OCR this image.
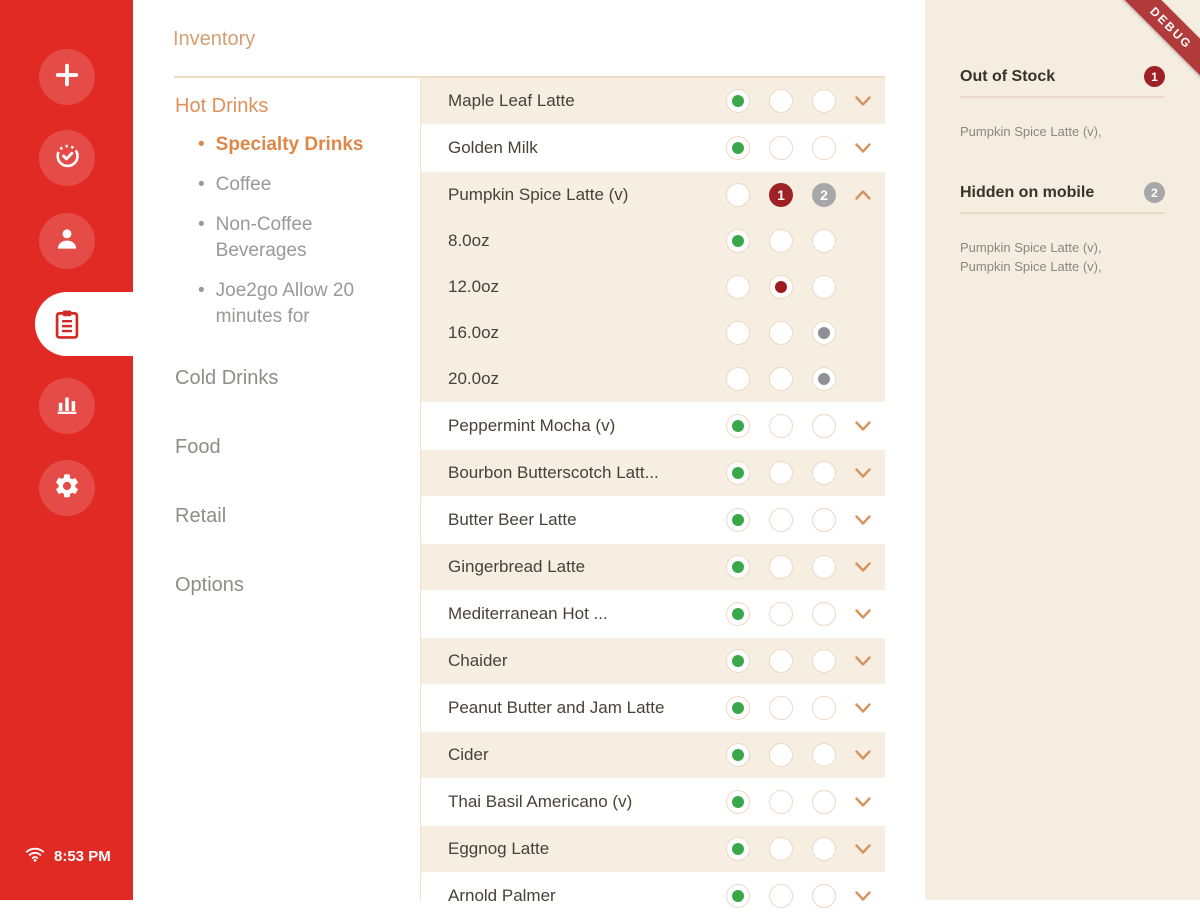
8:53 PM
Inventory
Hot Drinks
• Specialty Drinks
• Coffee
• Non-Coffee Beverages
• Joe2go Allow 20 minutes for
Cold Drinks
Food
Retail
Options
Maple Leaf Latte
Golden Milk
Pumpkin Spice Latte (v)	1	2
8.0oz
12.0oz
16.0oz
20.0oz
Peppermint Mocha (v)
Bourbon Butterscotch Latt...
Butter Beer Latte
Gingerbread Latte
Mediterranean Hot ...
Chaider
Peanut Butter and Jam Latte
Cider
Thai Basil Americano (v)
Eggnog Latte
Arnold Palmer
Out of Stock	1
Pumpkin Spice Latte (v),
Hidden on mobile	2
Pumpkin Spice Latte (v),
Pumpkin Spice Latte (v),
DEBUG
